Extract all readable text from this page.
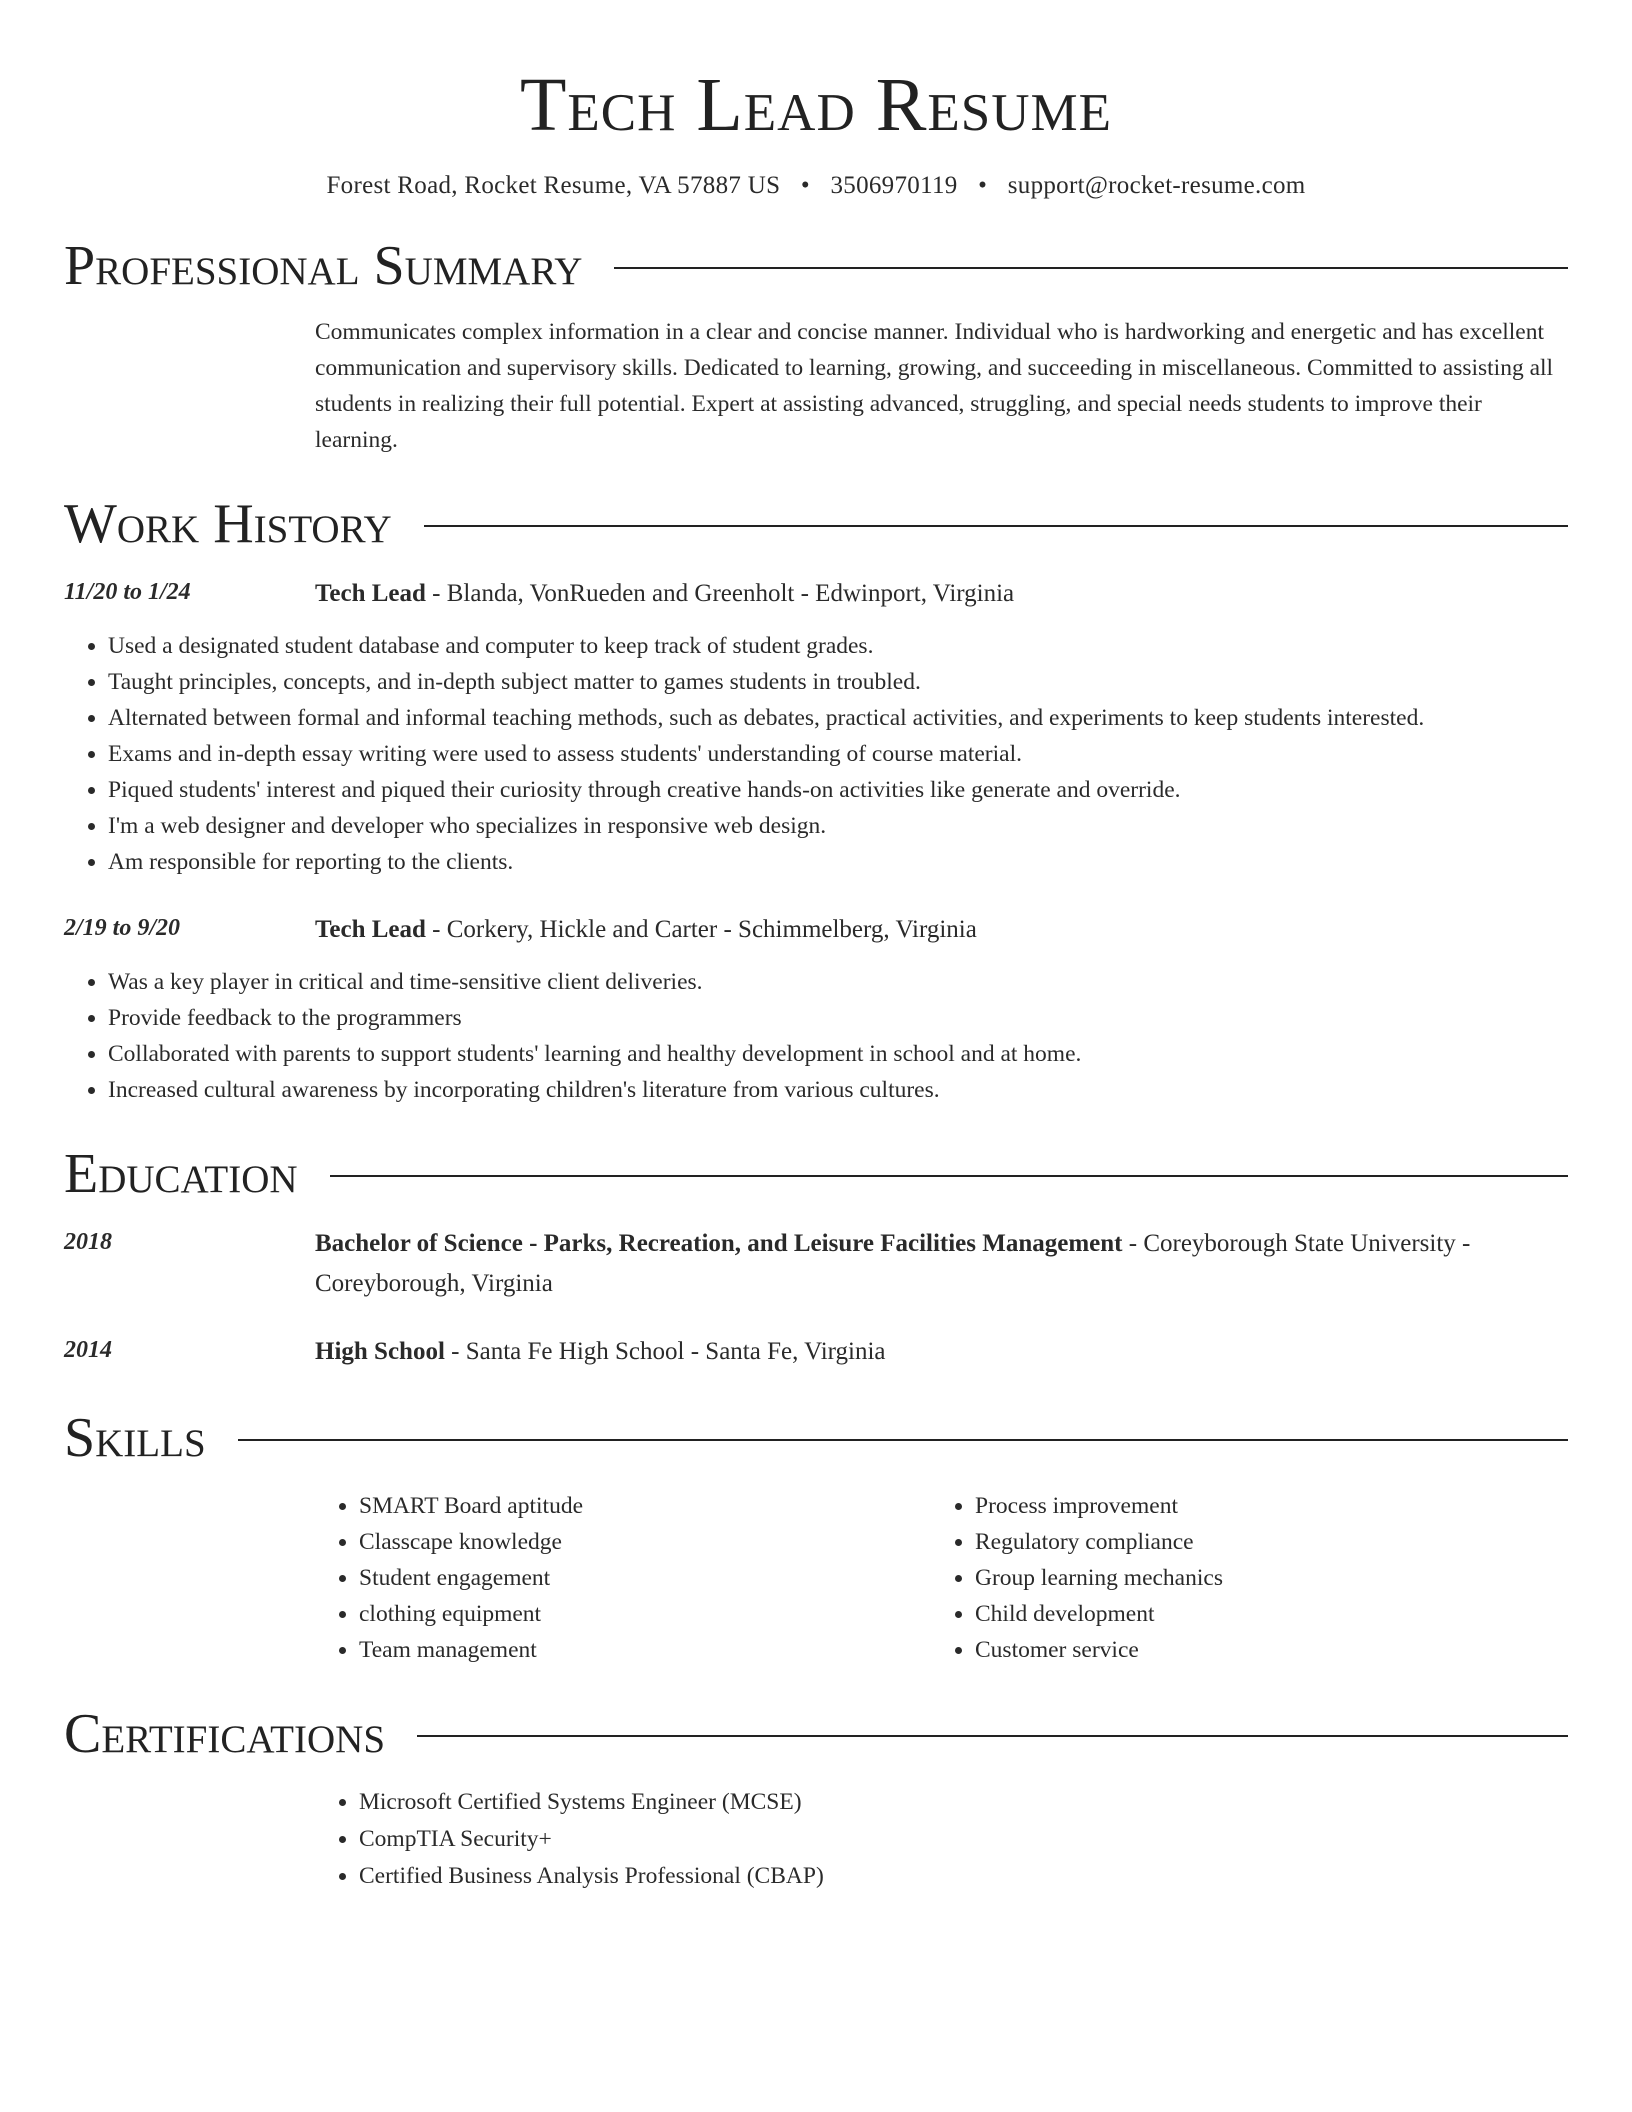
Tech Lead Resume
Forest Road, Rocket Resume, VA 57887 US • 3506970119 • support@rocket-resume.com
Professional Summary
Communicates complex information in a clear and concise manner. Individual who is hardworking and energetic and has excellent communication and supervisory skills. Dedicated to learning, growing, and succeeding in miscellaneous. Committed to assisting all students in realizing their full potential. Expert at assisting advanced, struggling, and special needs students to improve their learning.
Work History
11/20 to 1/24	Tech Lead - Blanda, VonRueden and Greenholt - Edwinport, Virginia
• Used a designated student database and computer to keep track of student grades.
• Taught principles, concepts, and in-depth subject matter to games students in troubled.
• Alternated between formal and informal teaching methods, such as debates, practical activities, and experiments to keep students interested.
• Exams and in-depth essay writing were used to assess students' understanding of course material.
• Piqued students' interest and piqued their curiosity through creative hands-on activities like generate and override.
• I'm a web designer and developer who specializes in responsive web design.
• Am responsible for reporting to the clients.
2/19 to 9/20	Tech Lead - Corkery, Hickle and Carter - Schimmelberg, Virginia
• Was a key player in critical and time-sensitive client deliveries.
• Provide feedback to the programmers
• Collaborated with parents to support students' learning and healthy development in school and at home.
• Increased cultural awareness by incorporating children's literature from various cultures.
Education
2018	Bachelor of Science - Parks, Recreation, and Leisure Facilities Management - Coreyborough State University - Coreyborough, Virginia
2014	High School - Santa Fe High School - Santa Fe, Virginia
Skills
• SMART Board aptitude
• Classcape knowledge
• Student engagement
• clothing equipment
• Team management
• Process improvement
• Regulatory compliance
• Group learning mechanics
• Child development
• Customer service
Certifications
• Microsoft Certified Systems Engineer (MCSE)
• CompTIA Security+
• Certified Business Analysis Professional (CBAP)
